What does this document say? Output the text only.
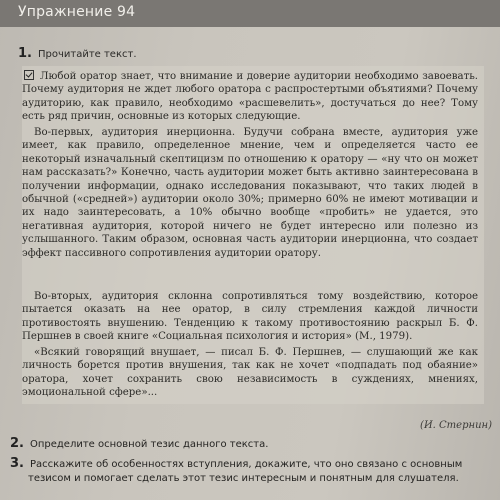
Упражнение 94
1. Прочитайте текст.

Любой оратор знает, что внимание и доверие аудитории необходимо завоевать. Почему аудитория не ждет любого оратора с распростертыми объятиями? Почему аудиторию, как правило, необходимо «расшевелить», достучаться до нее? Тому есть ряд причин, основные из которых следующие.

Во-первых, аудитория инерционна. Будучи собрана вместе, аудитория уже имеет, как правило, определенное мнение, чем и определяется часто ее некоторый изначальный скептицизм по отношению к оратору — «ну что он может нам рассказать?» Конечно, часть аудитории может быть активно заинтересована в получении информации, однако исследования показывают, что таких людей в обычной («средней») аудитории около 30%; примерно 60% не имеют мотивации и их надо заинтересовать, а 10% обычно вообще «пробить» не удается, это негативная аудитория, которой ничего не будет интересно или полезно из услышанного. Таким образом, основная часть аудитории инерционна, что создает эффект пассивного сопротивления аудитории оратору.

Во-вторых, аудитория склонна сопротивляться тому воздействию, которое пытается оказать на нее оратор, в силу стремления каждой личности противостоять внушению. Тенденцию к такому противостоянию раскрыл Б. Ф. Першнев в своей книге «Социальная психология и история» (М., 1979).

«Всякий говорящий внушает, — писал Б. Ф. Першнев, — слушающий же как личность борется против внушения, так как не хочет «подпадать под обаяние» оратора, хочет сохранить свою независимость в суждениях, мнениях, эмоциональной сфере»...

(И. Стернин)
2. Определите основной тезис данного текста.
3. Расскажите об особенностях вступления, докажите, что оно связано с основным
тезисом и помогает сделать этот тезис интересным и понятным для слушателя.
